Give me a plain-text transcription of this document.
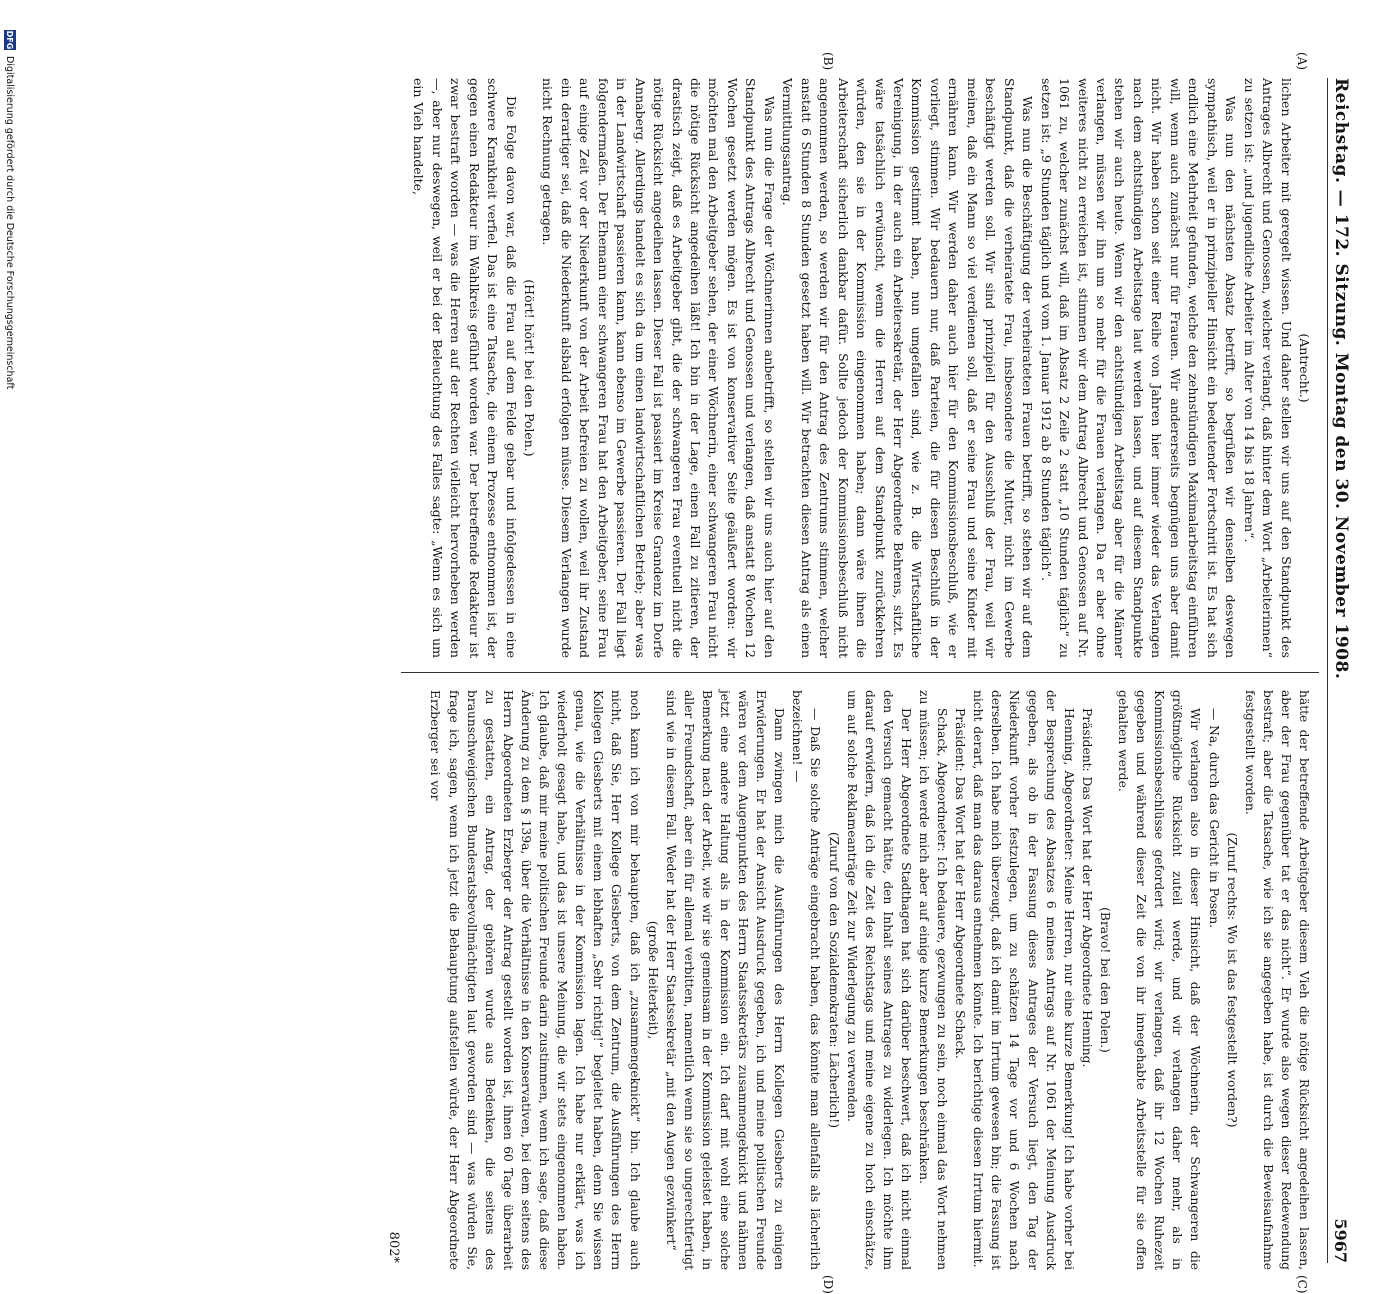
Reichstag. — 172. Sitzung. Montag den 30. November 1908.
5967
(A)
(B)
(C)
(D)

(Antrecht.)

lichen Arbeiter mit geregelt wissen. Und daher stellen wir uns auf den Standpunkt des Antrages Albrecht und Genossen, welcher verlangt, daß hinter dem Wort „Arbeiterinnen“ zu setzen ist: „und jugendliche Arbeiter im Alter von 14 bis 18 Jahren“.

Was nun den nächsten Absatz betrifft, so begrüßen wir denselben deswegen sympathisch, weil er in prinzipieller Hinsicht ein bedeutender Fortschritt ist. Es hat sich endlich eine Mehrheit gefunden, welche den zehnstündigen Maximalarbeitstag einführen will, wenn auch zunächst nur für Frauen. Wir andererseits begnügen uns aber damit nicht. Wir haben schon seit einer Reihe von Jahren hier immer wieder das Verlangen nach dem achtstündigen Arbeitstage laut werden lassen, und auf diesem Standpunkte stehen wir auch heute. Wenn wir den achtstündigen Arbeitstag aber für die Männer verlangen, müssen wir ihn um so mehr für die Frauen verlangen. Da er aber ohne weiteres nicht zu erreichen ist, stimmen wir dem Antrag Albrecht und Genossen auf Nr. 1061 zu, welcher zunächst will, daß im Absatz 2 Zeile 2 statt „10 Stunden täglich“ zu setzen ist: „9 Stunden täglich und vom 1. Januar 1912 ab 8 Stunden täglich“.

Was nun die Beschäftigung der verheirateten Frauen betrifft, so stehen wir auf dem Standpunkt, daß die verheiratete Frau, insbesondere die Mutter, nicht im Gewerbe beschäftigt werden soll. Wir sind prinzipiell für den Ausschluß der Frau, weil wir meinen, daß ein Mann so viel verdienen soll, daß er seine Frau und seine Kinder mit ernähren kann. Wir werden daher auch hier für den Kommissionsbeschluß, wie er vorliegt, stimmen. Wir bedauern nur, daß Parteien, die für diesen Beschluß in der Kommission gestimmt haben, nun umgefallen sind, wie z. B. die Wirtschaftliche Vereinigung, in der auch ein Arbeitersekretär, der Herr Abgeordnete Behrens, sitzt. Es wäre tatsächlich erwünscht, wenn die Herren auf dem Standpunkt zurückkehren würden, den sie in der Kommission eingenommen haben; dann wäre ihnen die Arbeiterschaft sicherlich dankbar dafür. Sollte jedoch der Kommissionsbeschluß nicht angenommen werden, so werden wir für den Antrag des Zentrums stimmen, welcher anstatt 6 Stunden 8 Stunden gesetzt haben will. Wir betrachten diesen Antrag als einen Vermittlungsantrag.

Was nun die Frage der Wöchnerinnen anbetrifft, so stellen wir uns auch hier auf den Standpunkt des Antrags Albrecht und Genossen und verlangen, daß anstatt 8 Wochen 12 Wochen gesetzt werden mögen. Es ist von konservativer Seite geäußert worden: wir möchten mal den Arbeitgeber sehen, der einer Wöchnerin, einer schwangeren Frau nicht die nötige Rücksicht angedeihen läßt! Ich bin in der Lage, einen Fall zu zitieren, der drastisch zeigt, daß es Arbeitgeber gibt, die der schwangeren Frau eventuell nicht die nötige Rücksicht angedeihen lassen. Dieser Fall ist passiert im Kreise Grandenz im Dorfe Annaberg. Allerdings handelt es sich da um einen landwirtschaftlichen Betrieb; aber was in der Landwirtschaft passieren kann, kann ebenso im Gewerbe passieren. Der Fall liegt folgendermaßen. Der Ehemann einer schwangeren Frau hat den Arbeitgeber, seine Frau auf einige Zeit vor der Niederkunft von der Arbeit befreien zu wollen, weil ihr Zustand ein derartiger sei, daß die Niederkunft alsbald erfolgen müsse. Diesem Verlangen wurde nicht Rechnung getragen.

(Hört! hört! bei den Polen.)

Die Folge davon war, daß die Frau auf dem Felde gebar und infolgedessen in eine schwere Krankheit verfiel. Das ist eine Tatsache, die einem Prozesse entnommen ist, der gegen einen Redakteur im Wahlkreis geführt worden war. Der betreffende Redakteur ist zwar bestraft worden — was die Herren auf der Rechten vielleicht hervorheben werden —, aber nur deswegen, weil er bei der Beleuchtung des Falles sagte: „Wenn es sich um ein Vieh handelte,

hätte der betreffende Arbeitgeber diesem Vieh die nötige Rücksicht angedeihen lassen, aber der Frau gegenüber tat er das nicht“. Er wurde also wegen dieser Redewendung bestraft; aber die Tatsache, wie ich sie angegeben habe, ist durch die Beweisaufnahme festgestellt worden.

(Zuruf rechts: Wo ist das festgestellt worden?)

— Na, durch das Gericht in Posen.

Wir verlangen also in dieser Hinsicht, daß der Wöchnerin, der Schwangeren die größtmögliche Rücksicht zuteil werde, und wir verlangen daher mehr, als in Kommissionsbeschlüsse gefordert wird; wir verlangen, daß ihr 12 Wochen Ruhezeit gegeben und während dieser Zeit die von ihr innegehabte Arbeitsstelle für sie offen gehalten werde.

(Bravo! bei den Polen.)

Präsident: Das Wort hat der Herr Abgeordnete Henning.

Henning, Abgeordneter: Meine Herren, nur eine kurze Bemerkung! Ich habe vorher bei der Besprechung des Absatzes 6 meines Antrags auf Nr. 1061 der Meinung Ausdruck gegeben, als ob in der Fassung dieses Antrages der Versuch liegt, den Tag der Niederkunft vorher festzulegen, um zu schätzen 14 Tage vor und 6 Wochen nach derselben. Ich habe mich überzeugt, daß ich damit im Irrtum gewesen bin; die Fassung ist nicht derart, daß man das daraus entnehmen könnte. Ich berichtige diesen Irrtum hiermit.

Präsident: Das Wort hat der Herr Abgeordnete Schack.

Schack, Abgeordneter: Ich bedauere, gezwungen zu sein, noch einmal das Wort nehmen zu müssen; ich werde mich aber auf einige kurze Bemerkungen beschränken.

Der Herr Abgeordnete Stadthagen hat sich darüber beschwert, daß ich nicht einmal den Versuch gemacht hätte, den Inhalt seines Antrages zu widerlegen. Ich möchte ihm darauf erwidern, daß ich die Zeit des Reichstags und meine eigene zu hoch einschätze, um auf solche Reklameanträge Zeit zur Widerlegung zu verwenden.

(Zuruf von den Sozialdemokraten: Lächerlich!)

— Daß Sie solche Anträge eingebracht haben, das könnte man allenfalls als lächerlich bezeichnen! —

Dann zwingen mich die Ausführungen des Herrn Kollegen Giesberts zu einigen Erwiderungen. Er hat der Ansicht Ausdruck gegeben, ich und meine politischen Freunde wären vor dem Augenpunkten des Herrn Staatssekretärs zusammengeknickt und nähmen jetzt eine andere Haltung als in der Kommission ein. Ich darf mit wohl eine solche Bemerkung nach der Arbeit, wie wir sie gemeinsam in der Kommission geleistet haben, in aller Freundschaft, aber ein für allemal verbitten, namentlich wenn sie so ungerechtfertigt sind wie in diesem Fall. Weder hat der Herr Staatssekretär „mit den Augen gezwinkert“

(große Heiterkeit),

noch kann ich von mir behaupten, daß ich „zusammengeknickt“ bin. Ich glaube auch nicht, daß Sie, Herr Kollege Giesberts, von dem Zentrum, die Ausführungen des Herrn Kollegen Giesberts mit einem lebhaften „Sehr richtig!“ begleitet haben, denn Sie wissen genau, wie die Verhältnisse in der Kommission lagen. Ich habe nur erklärt, was ich wiederholt gesagt habe, und das ist unsere Meinung, die wir stets eingenommen haben. Ich glaube, daß mir meine politischen Freunde darin zustimmen, wenn ich sage, daß diese Änderung zu dem § 139a, über die Verhältnisse in den Konservativen, bei dem seitens des Herrn Abgeordneten Erzberger der Antrag gestellt worden ist, ihnen 60 Tage überarbeit zu gestatten, ein Antrag, der gehören wurde aus Bedenken, die seitens des braunschweigischen Bundesratsbevollmächtigten laut geworden sind — was würden Sie, frage ich, sagen, wenn ich jetzt die Behauptung aufstellen würde, der Herr Abgeordnete Erzberger sei vor

802*
DFG
Digitalisierung gefördert durch die Deutsche Forschungsgemeinschaft
